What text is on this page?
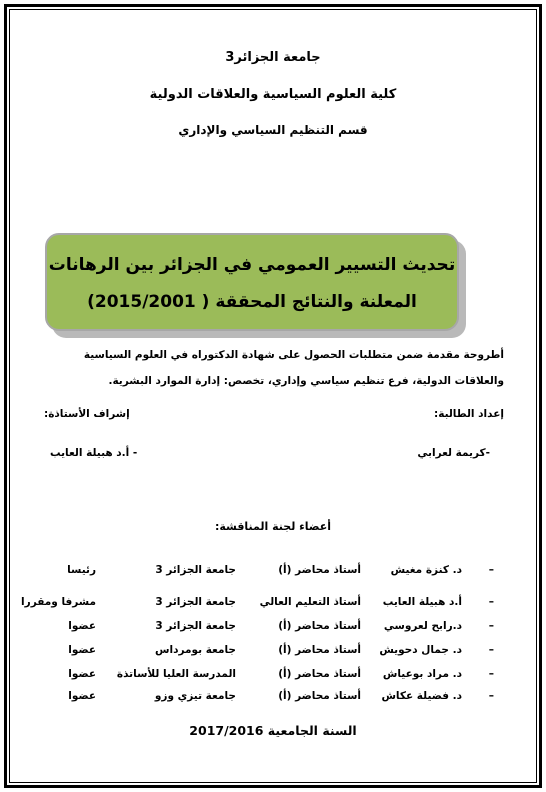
جامعة الجزائر3
كلية العلوم السياسية والعلاقات الدولية
قسم التنظيم السياسي والإداري
تحديث التسيير العمومي في الجزائر بين الرهانات
المعلنة والنتائج المحققة ( 2015/2001)
أطروحة مقدمة ضمن متطلبات الحصول على شهادة الدكتوراه في العلوم السياسية
والعلاقات الدولية، فرع تنظيم سياسي وإداري، تخصص: إدارة الموارد البشرية.
إعداد الطالبة:
إشراف الأستاذة:
-كريمة لعرابي
- أ.د هبيلة العايب
أعضاء لجنة المناقشة:
–
د. كنزة مغيش
أستاذ محاضر (أ)
جامعة الجزائر 3
رئيسا
–
أ.د هبيلة العايب
أستاذ التعليم العالي
جامعة الجزائر 3
مشرفا ومقررا
–
د.رابح لعروسي
أستاذ محاضر (أ)
جامعة الجزائر 3
عضوا
–
د. جمال دحويش
أستاذ محاضر (أ)
جامعة بومرداس
عضوا
–
د. مراد بوعياش
أستاذ محاضر (أ)
المدرسة العليا للأساتذة
عضوا
–
د. فضيلة عكاش
أستاذ محاضر (أ)
جامعة تيزي وزو
عضوا
السنة الجامعية 2017/2016
